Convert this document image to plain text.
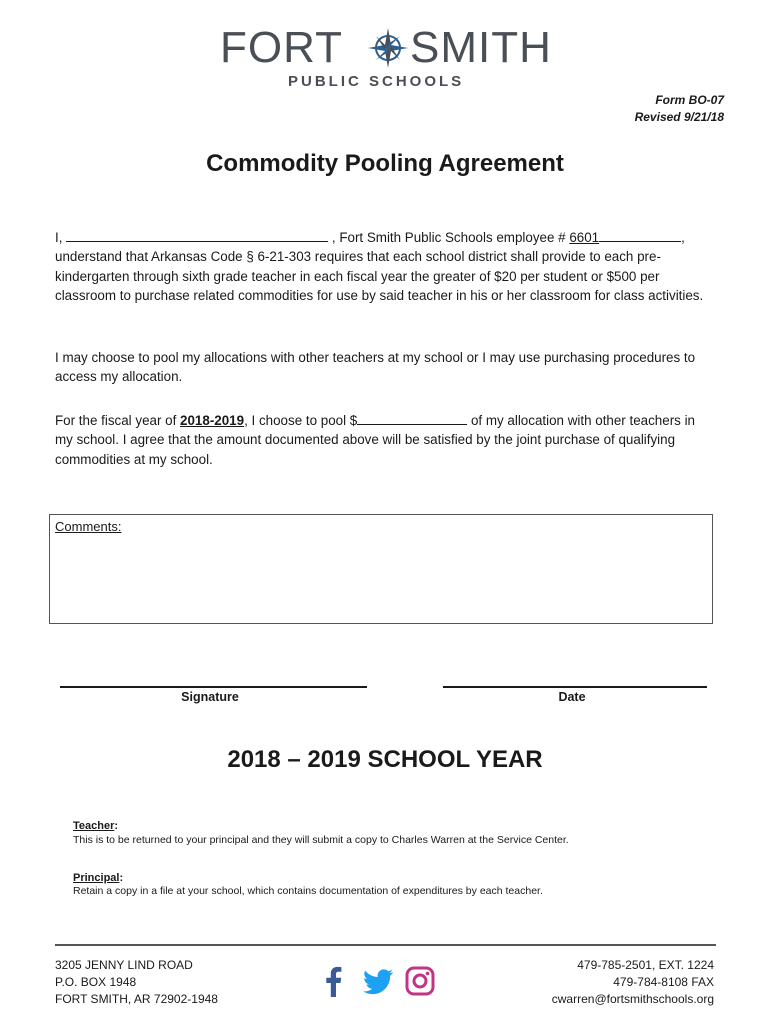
FORT SMITH
PUBLIC SCHOOLS
Form BO-07
Revised 9/21/18
Commodity Pooling Agreement
I,	, Fort Smith Public Schools employee # 6601	,
understand that Arkansas Code § 6-21-303 requires that each school district shall provide to each pre-kindergarten through sixth grade teacher in each fiscal year the greater of $20 per student or $500 per classroom to purchase related commodities for use by said teacher in his or her classroom for class activities.
I may choose to pool my allocations with other teachers at my school or I may use purchasing procedures to access my allocation.
For the fiscal year of 2018-2019, I choose to pool $	of my allocation with other teachers in my school. I agree that the amount documented above will be satisfied by the joint purchase of qualifying commodities at my school.
Comments:
Signature	Date
2018 – 2019 SCHOOL YEAR
Teacher:
This is to be returned to your principal and they will submit a copy to Charles Warren at the Service Center.
Principal:
Retain a copy in a file at your school, which contains documentation of expenditures by each teacher.
3205 JENNY LIND ROAD
P.O. BOX 1948
FORT SMITH, AR 72902-1948
479-785-2501, EXT. 1224
479-784-8108 FAX
cwarren@fortsmithschools.org
